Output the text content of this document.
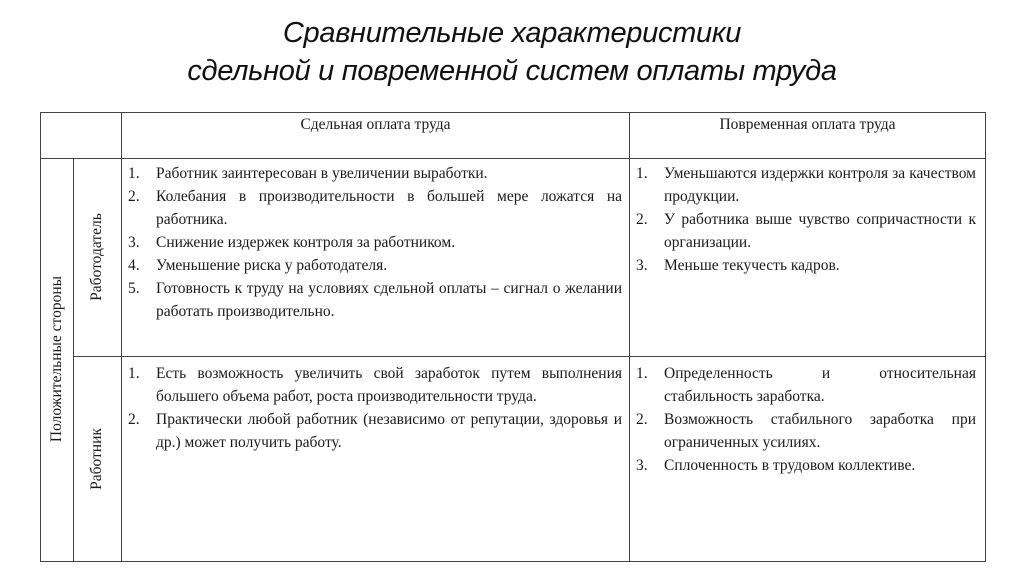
Сравнительные характеристики
сдельной и повременной систем оплаты труда
Сдельная оплата труда	Повременная оплата труда
Положительные стороны
Работодатель
Работник
1. Работник заинтересован в увеличении выработки.
2. Колебания в производительности в большей мере ложатся на работника.
3. Снижение издержек контроля за работником.
4. Уменьшение риска у работодателя.
5. Готовность к труду на условиях сдельной оплаты – сигнал о желании работать производительно.
1. Уменьшаются издержки контроля за качеством продукции.
2. У работника выше чувство сопричастности к организации.
3. Меньше текучесть кадров.
1. Есть возможность увеличить свой заработок путем выполнения большего объема работ, роста производительности труда.
2. Практически любой работник (независимо от репутации, здоровья и др.) может получить работу.
1. Определенность и относительная стабильность заработка.
2. Возможность стабильного заработка при ограниченных усилиях.
3. Сплоченность в трудовом коллективе.
